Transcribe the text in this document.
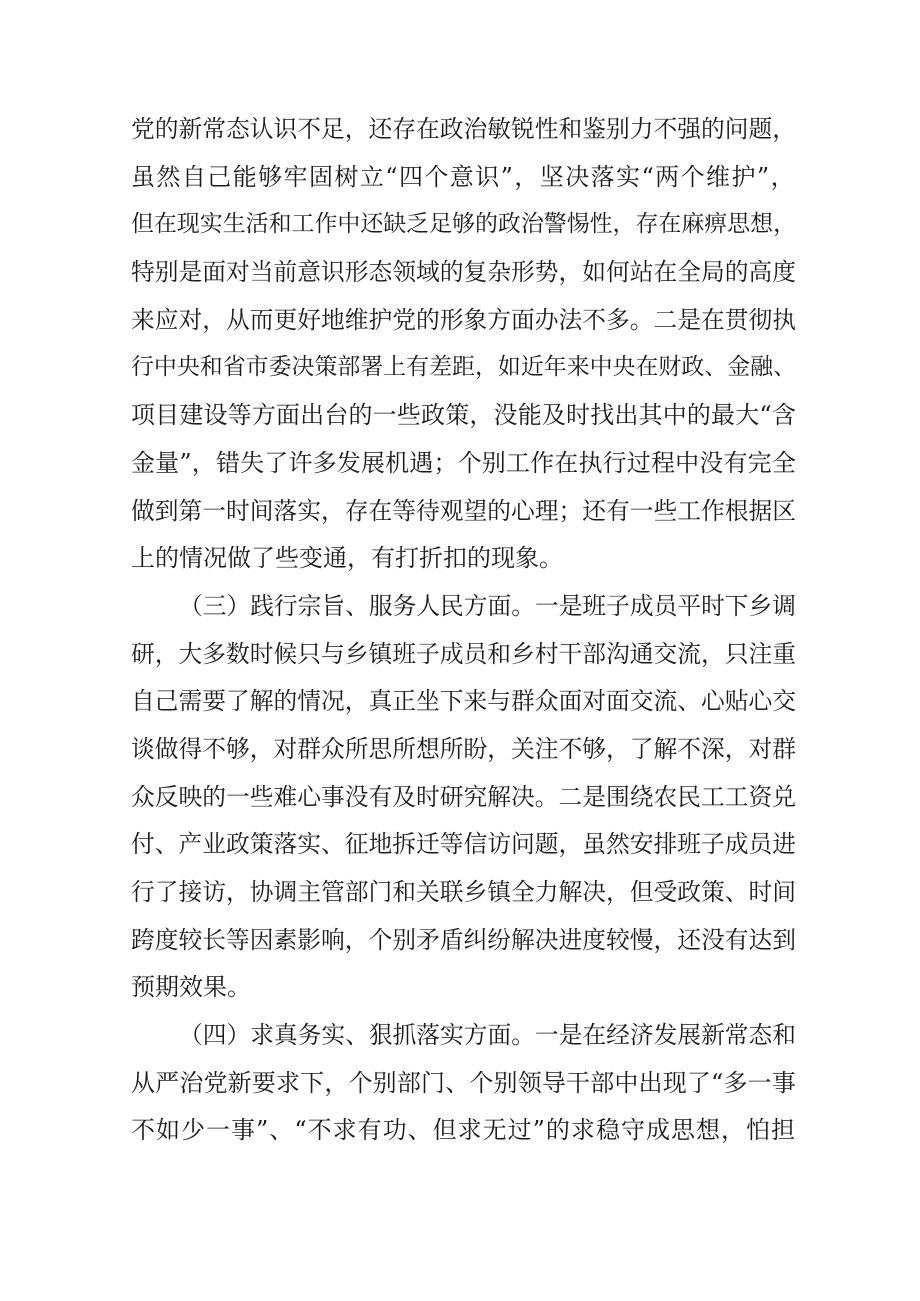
党的新常态认识不足，还存在政治敏锐性和鉴别力不强的问题，
虽然自己能够牢固树立“四个意识”，坚决落实“两个维护”，
但在现实生活和工作中还缺乏足够的政治警惕性，存在麻痹思想，
特别是面对当前意识形态领域的复杂形势，如何站在全局的高度
来应对，从而更好地维护党的形象方面办法不多。二是在贯彻执
行中央和省市委决策部署上有差距，如近年来中央在财政、金融、
项目建设等方面出台的一些政策，没能及时找出其中的最大“含
金量”，错失了许多发展机遇；个别工作在执行过程中没有完全
做到第一时间落实，存在等待观望的心理；还有一些工作根据区
上的情况做了些变通，有打折扣的现象。
（三）践行宗旨、服务人民方面。一是班子成员平时下乡调
研，大多数时候只与乡镇班子成员和乡村干部沟通交流，只注重
自己需要了解的情况，真正坐下来与群众面对面交流、心贴心交
谈做得不够，对群众所思所想所盼，关注不够，了解不深，对群
众反映的一些难心事没有及时研究解决。二是围绕农民工工资兑
付、产业政策落实、征地拆迁等信访问题，虽然安排班子成员进
行了接访，协调主管部门和关联乡镇全力解决，但受政策、时间
跨度较长等因素影响，个别矛盾纠纷解决进度较慢，还没有达到
预期效果。
（四）求真务实、狠抓落实方面。一是在经济发展新常态和
从严治党新要求下，个别部门、个别领导干部中出现了“多一事
不如少一事”、“不求有功、但求无过”的求稳守成思想，怕担
